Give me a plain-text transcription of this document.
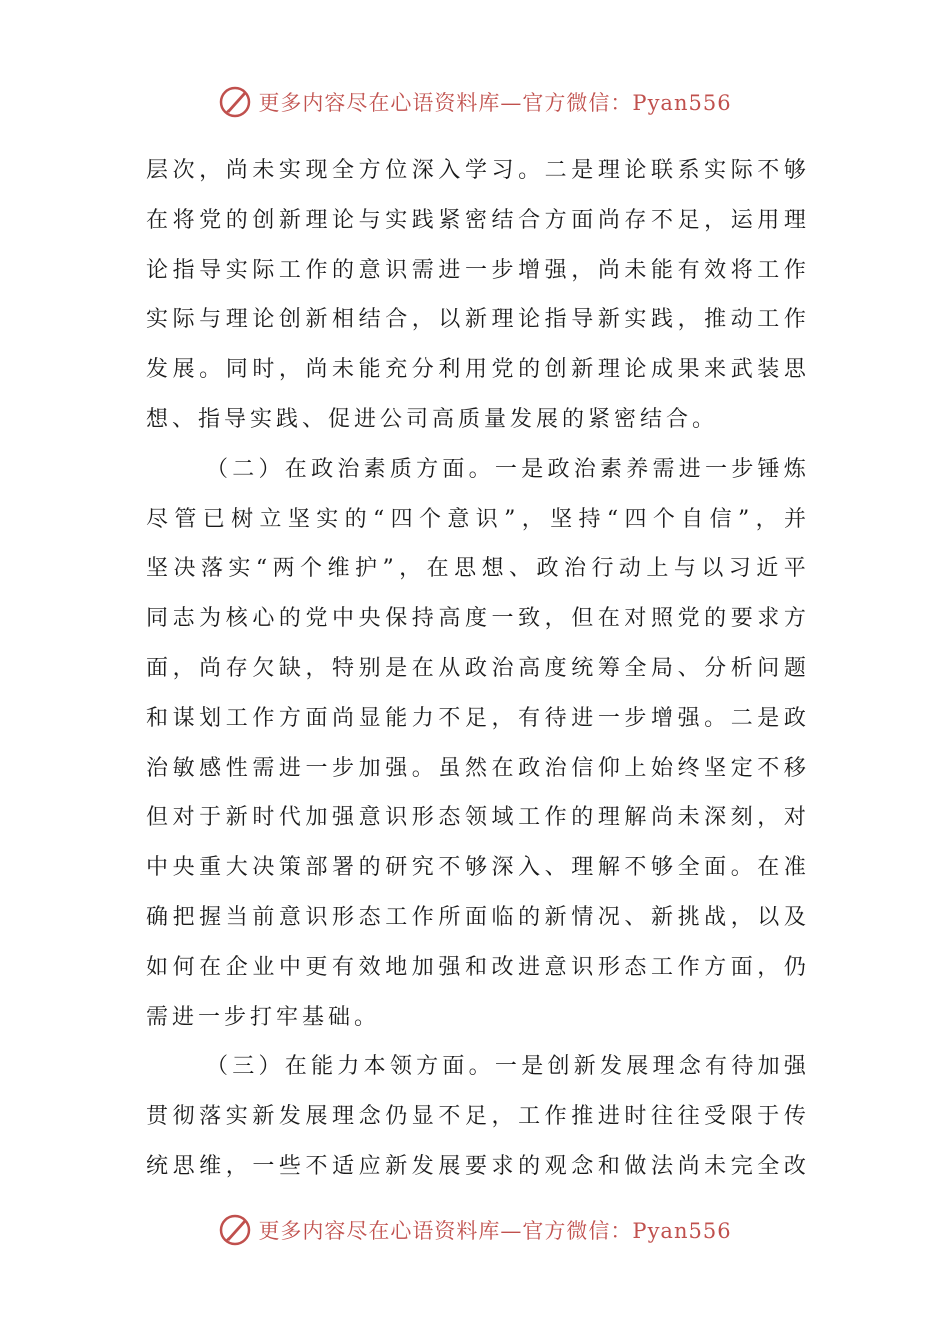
更多内容尽在心语资料库—官方微信：Pyan556
层 次 ， 尚 未 实 现 全 方 位 深 入 学 习 。 二 是 理 论 联 系 实 际 不 够
在 将 党 的 创 新 理 论 与 实 践 紧 密 结 合 方 面 尚 存 不 足 ， 运 用 理
论 指 导 实 际 工 作 的 意 识 需 进 一 步 增 强 ， 尚 未 能 有 效 将 工 作
实 际 与 理 论 创 新 相 结 合 ， 以 新 理 论 指 导 新 实 践 ， 推 动 工 作
发 展 。 同 时 ， 尚 未 能 充 分 利 用 党 的 创 新 理 论 成 果 来 武 装 思
想、指导实践、促进公司高质量发展的紧密结合。
（ 二 ） 在 政 治 素 质 方 面 。 一 是 政 治 素 养 需 进 一 步 锤 炼
尽 管 已 树 立 坚 实 的 “ 四 个 意 识 ” ， 坚 持 “ 四 个 自 信 ” ， 并
坚 决 落 实 “ 两 个 维 护 ” ， 在 思 想 、 政 治 行 动 上 与 以 习 近 平
同 志 为 核 心 的 党 中 央 保 持 高 度 一 致 ， 但 在 对 照 党 的 要 求 方
面 ， 尚 存 欠 缺 ， 特 别 是 在 从 政 治 高 度 统 筹 全 局 、 分 析 问 题
和 谋 划 工 作 方 面 尚 显 能 力 不 足 ， 有 待 进 一 步 增 强 。 二 是 政
治 敏 感 性 需 进 一 步 加 强 。 虽 然 在 政 治 信 仰 上 始 终 坚 定 不 移
但 对 于 新 时 代 加 强 意 识 形 态 领 域 工 作 的 理 解 尚 未 深 刻 ， 对
中 央 重 大 决 策 部 署 的 研 究 不 够 深 入 、 理 解 不 够 全 面 。 在 准
确 把 握 当 前 意 识 形 态 工 作 所 面 临 的 新 情 况 、 新 挑 战 ， 以 及
如 何 在 企 业 中 更 有 效 地 加 强 和 改 进 意 识 形 态 工 作 方 面 ， 仍
需进一步打牢基础。
（ 三 ） 在 能 力 本 领 方 面 。 一 是 创 新 发 展 理 念 有 待 加 强
贯 彻 落 实 新 发 展 理 念 仍 显 不 足 ， 工 作 推 进 时 往 往 受 限 于 传
统 思 维 ， 一 些 不 适 应 新 发 展 要 求 的 观 念 和 做 法 尚 未 完 全 改
更多内容尽在心语资料库—官方微信：Pyan556
